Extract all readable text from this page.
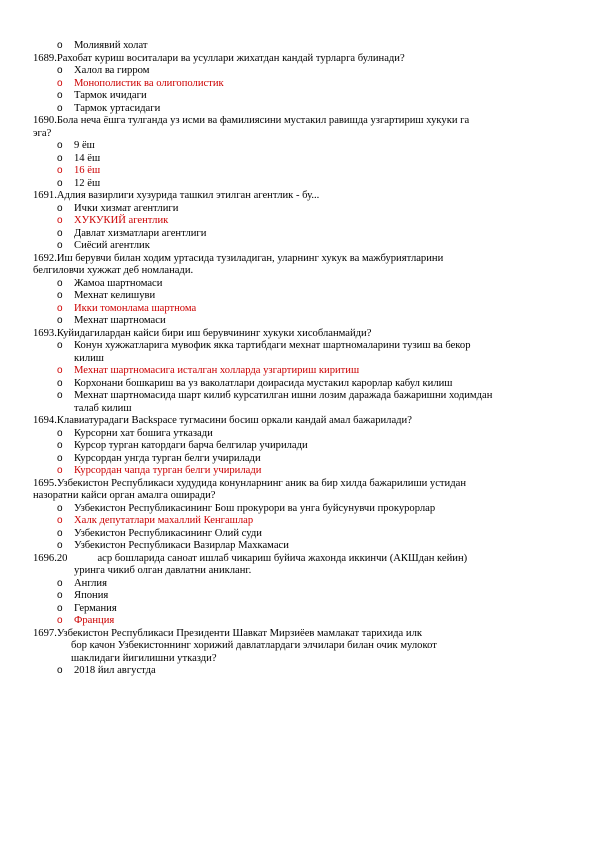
o Молиявий холат
1689.Рахобат куриш воситалари ва усуллари жихатдан кандай турларга булинади?
o Халол ва гирром
o Монополистик ва олигополистик
o Тармок ичидаги
o Тармок уртасидаги
1690.Бола неча ёшга тулганда уз исми ва фамилиясини мустакил равишда узгартириш хукуки га
эга?
o 9 ёш
o 14 ёш
o 16 ёш
o 12 ёш
1691.Адлия вазирлиги хузурида ташкил этилган агентлик - бу...
o Ички хизмат агентлиги
o ХУКУКИЙ агентлик
o Давлат хизматлари агентлиги
o Сиёсий агентлик
1692.Иш берувчи билан ходим уртасида тузиладиган, уларнинг хукук ва мажбуриятларини
белгиловчи хужжат деб номланади.
o Жамоа шартномаси
o Мехнат келишуви
o Икки томонлама шартнома
o Мехнат шартномаси
1693.Куйидагилардан кайси бири иш берувчининг хукуки хисобланмайди?
o Конун хужжатларига мувофик якка тартибдаги мехнат шартномаларини тузиш ва бекор
килиш
o Мехнат шартномасига исталган холларда узгартириш киритиш
o Корхонани бошкариш ва уз ваколатлари доирасида мустакил карорлар кабул килиш
o Мехнат шартномасида шарт килиб курсатилган ишни лозим даражада бажаришни ходимдан
талаб килиш
1694.Клавиатурадаги Backspace тугмасини босиш оркали кандай амал бажарилади?
o Курсорни хат бошига утказади
o Курсор турган катордаги барча белгилар учирилади
o Курсордан унгда турган белги учирилади
o Курсордан чапда турган белги учирилади
1695.Узбекистон Республикаси худудида конунларнинг аник ва бир хилда бажарилиши устидан
назоратни кайси орган амалга оширади?
o Узбекистон Республикасининг Бош прокурори ва унга буйсунувчи прокурорлар
o Халк депутатлари махаллий Кенгашлар
o Узбекистон Республикасининг Олий суди
o Узбекистон Республикаси Вазирлар Махкамаси
1696.20	аср бошларида саноат ишлаб чикариш буйича жахонда иккинчи (АКШдан кейин)
уринга чикиб олган давлатни аникланг.
o Англия
o Япония
o Германия
o Франция
1697.Узбекистон Республикаси Президенти Шавкат Мирзиёев мамлакат тарихида илк
бор качон Узбекистоннинг хорижий давлатлардаги элчилари билан очик мулокот
шаклидаги йигилишни утказди?
o 2018 йил августда
